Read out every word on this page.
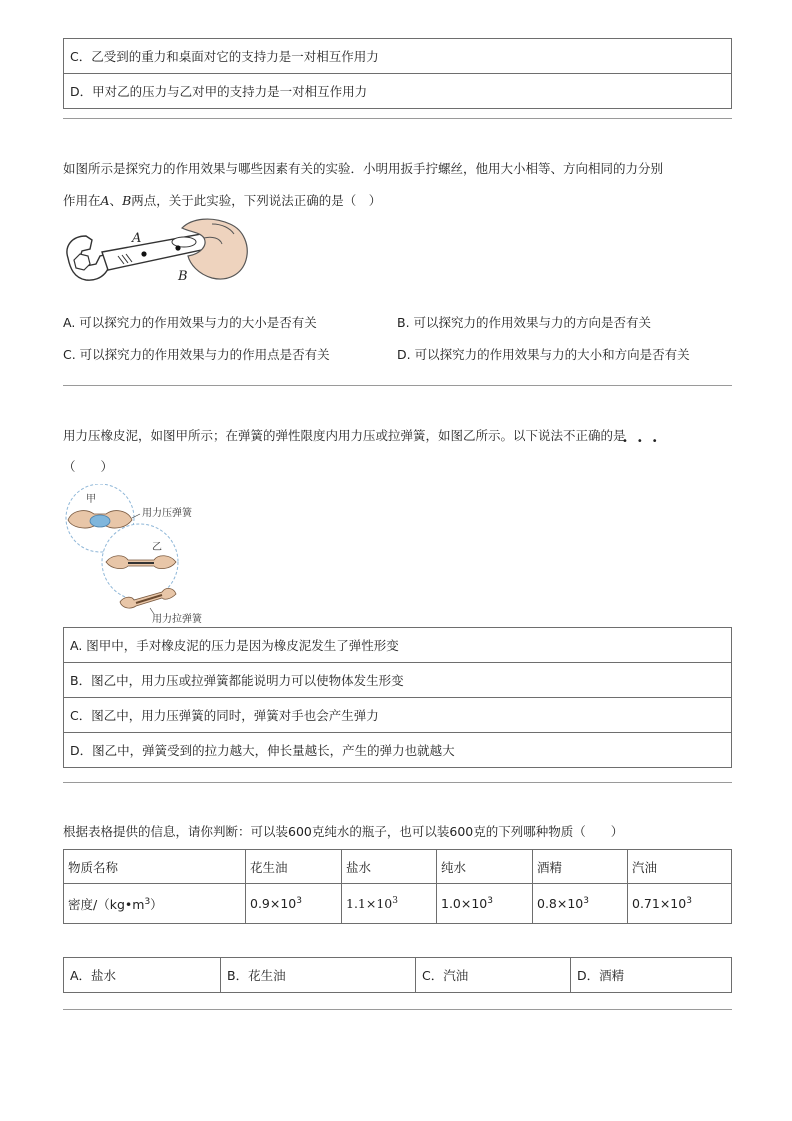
C．乙受到的重力和桌面对它的支持力是一对相互作用力
D．甲对乙的压力与乙对甲的支持力是一对相互作用力
如图所示是探究力的作用效果与哪些因素有关的实验．小明用扳手拧螺丝，他用大小相等、方向相同的力分别
作用在A、B两点，关于此实验，下列说法正确的是（　）
A
B
A. 可以探究力的作用效果与力的大小是否有关	B. 可以探究力的作用效果与力的方向是否有关
C. 可以探究力的作用效果与力的作用点是否有关	D. 可以探究力的作用效果与力的大小和方向是否有关
用力压橡皮泥，如图甲所示；在弹簧的弹性限度内用力压或拉弹簧，如图乙所示。以下说法不正确的是
•••
（　　）
甲
乙
用力压弹簧
用力拉弹簧
A. 图甲中，手对橡皮泥的压力是因为橡皮泥发生了弹性形变
B．图乙中，用力压或拉弹簧都能说明力可以使物体发生形变
C．图乙中，用力压弹簧的同时，弹簧对手也会产生弹力
D．图乙中，弹簧受到的拉力越大，伸长量越长，产生的弹力也就越大
根据表格提供的信息，请你判断：可以装600克纯水的瓶子，也可以装600克的下列哪种物质（　　）
物质名称	花生油	盐水	纯水	酒精	汽油
密度$/(kg•m^3)$	$0.9\times 10^3$	$1.1\times 10^3$	$1.0\times 10^3$	$0.8\times 10^3$	$0.71\times 10^3$
A．盐水	B．花生油	C．汽油	D．酒精
